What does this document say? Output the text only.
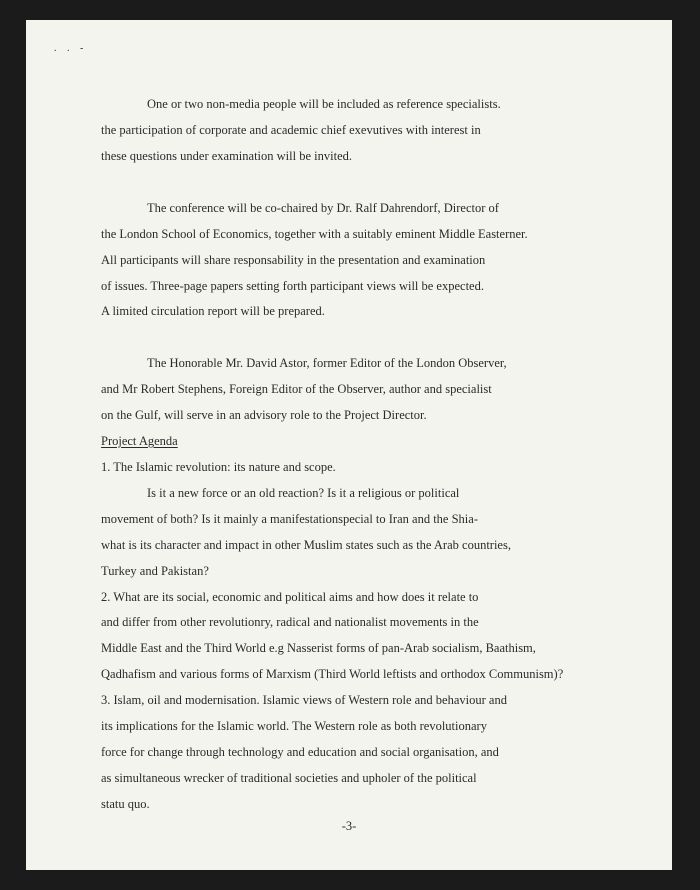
. . -

One or two non-media people will be included as reference specialists.

the participation of corporate and academic chief exevutives with interest in

these questions under examination will be invited.

The conference will be co-chaired by Dr. Ralf Dahrendorf, Director of

the London School of Economics, together with a suitably eminent Middle Easterner.

All participants will share responsability in the presentation and examination

of issues. Three-page papers setting forth participant views will be expected.

A limited circulation report will be prepared.

The Honorable Mr. David Astor, former Editor of the London Observer,

and Mr Robert Stephens, Foreign Editor of the Observer, author and specialist

on the Gulf, will serve in an advisory role to the Project Director.

Project Agenda

1. The Islamic revolution: its nature and scope.

Is it a new force or an old reaction? Is it a religious or political

movement of both? Is it mainly a manifestationspecial to Iran and the Shia-

what is its character and impact in other Muslim states such as the Arab countries,

Turkey and Pakistan?

2. What are its social, economic and political aims and how does it relate to

and differ from other revolutionry, radical and nationalist movements in the

Middle East and the Third World e.g Nasserist forms of pan-Arab socialism, Baathism,

Qadhafism and various forms of Marxism (Third World leftists and orthodox Communism)?

3. Islam, oil and modernisation. Islamic views of Western role and behaviour and

its implications for the Islamic world. The Western role as both revolutionary

force for change through technology and education and social organisation, and

as simultaneous wrecker of traditional societies and upholer of the political

statu quo.

-3-
